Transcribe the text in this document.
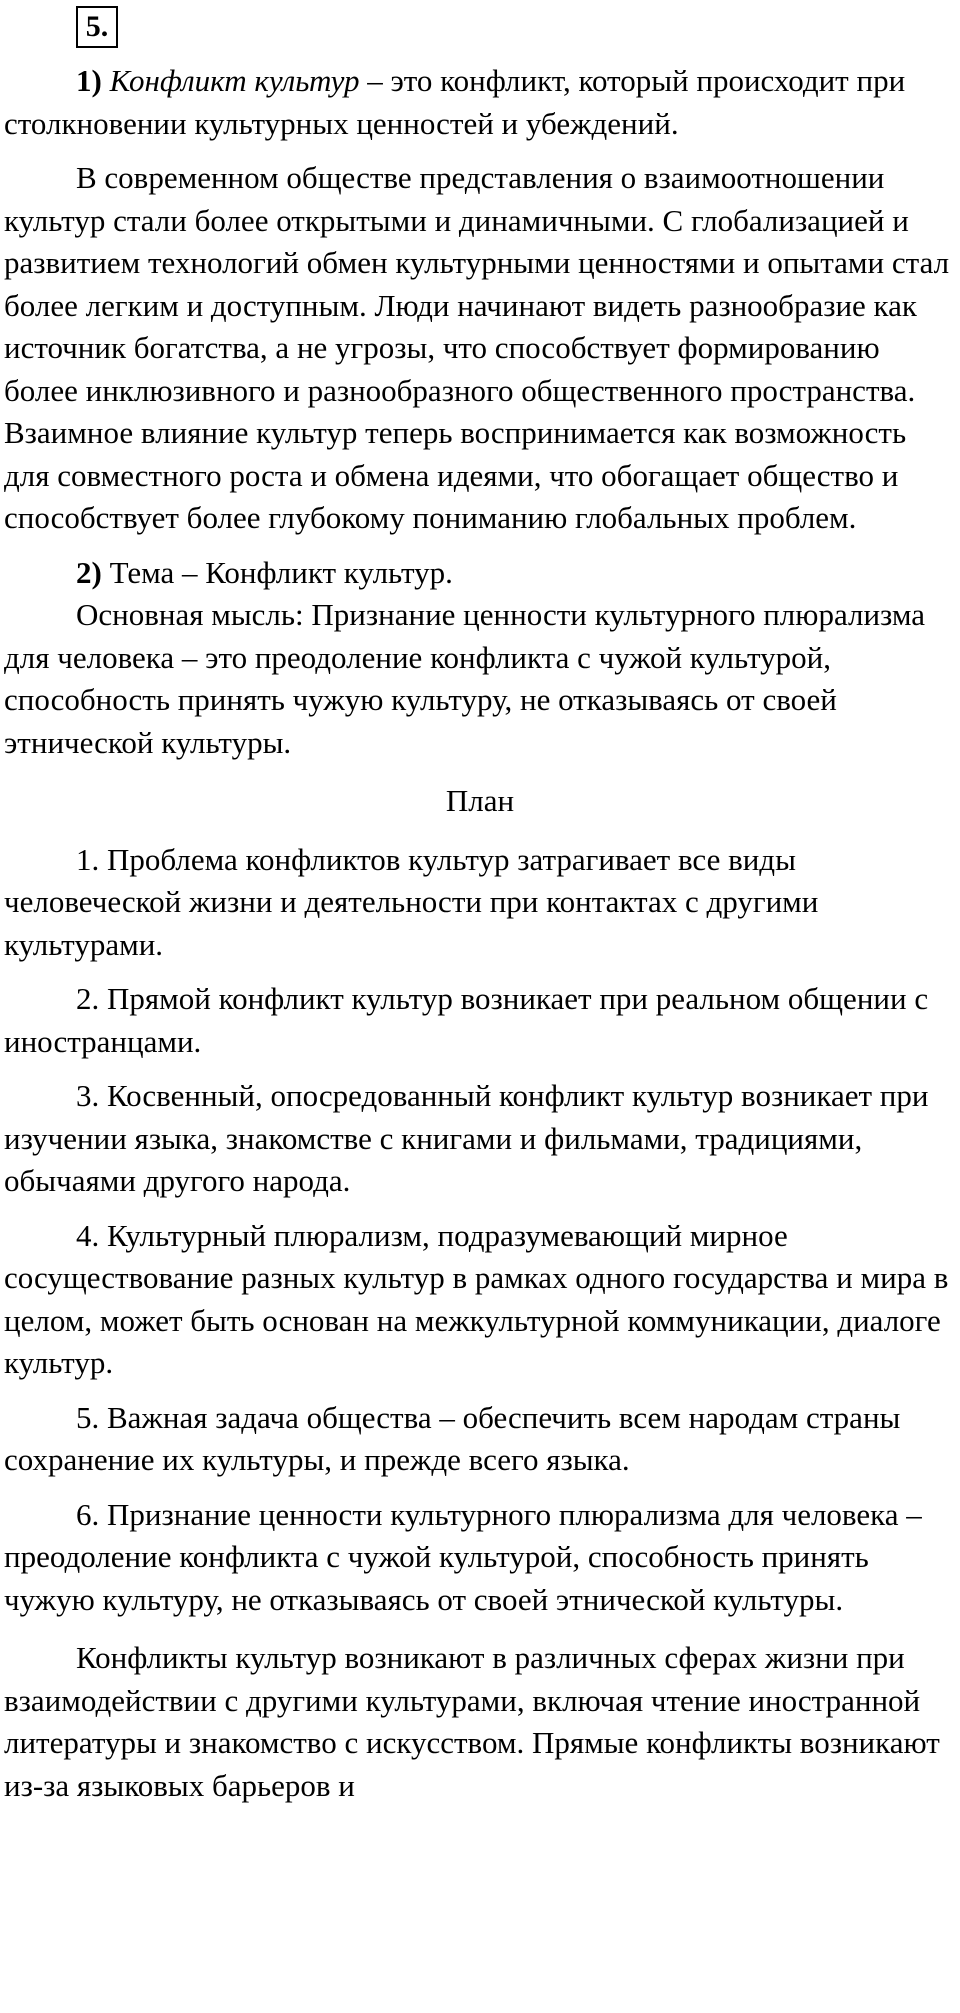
5.

1) Конфликт культур – это конфликт, который происходит при столкновении культурных ценностей и убеждений.

В современном обществе представления о взаимоотношении культур стали более открытыми и динамичными. С глобализацией и развитием технологий обмен культурными ценностями и опытами стал более легким и доступным. Люди начинают видеть разнообразие как источник богатства, а не угрозы, что способствует формированию более инклюзивного и разнообразного общественного пространства. Взаимное влияние культур теперь воспринимается как возможность для совместного роста и обмена идеями, что обогащает общество и способствует более глубокому пониманию глобальных проблем.

2) Тема – Конфликт культур.

Основная мысль: Признание ценности культурного плюрализма для человека – это преодоление конфликта с чужой культурой, способность принять чужую культуру, не отказываясь от своей этнической культуры.

План

1. Проблема конфликтов культур затрагивает все виды человеческой жизни и деятельности при контактах с другими культурами.

2. Прямой конфликт культур возникает при реальном общении с иностранцами.

3. Косвенный, опосредованный конфликт культур возникает при изучении языка, знакомстве с книгами и фильмами, традициями, обычаями другого народа.

4. Культурный плюрализм, подразумевающий мирное сосуществование разных культур в рамках одного государства и мира в целом, может быть основан на межкультурной коммуникации, диалоге культур.

5. Важная задача общества – обеспечить всем народам страны сохранение их культуры, и прежде всего языка.

6. Признание ценности культурного плюрализма для человека – преодоление конфликта с чужой культурой, способность принять чужую культуру, не отказываясь от своей этнической культуры.

Конфликты культур возникают в различных сферах жизни при взаимодействии с другими культурами, включая чтение иностранной литературы и знакомство с искусством. Прямые конфликты возникают из-за языковых барьеров и
